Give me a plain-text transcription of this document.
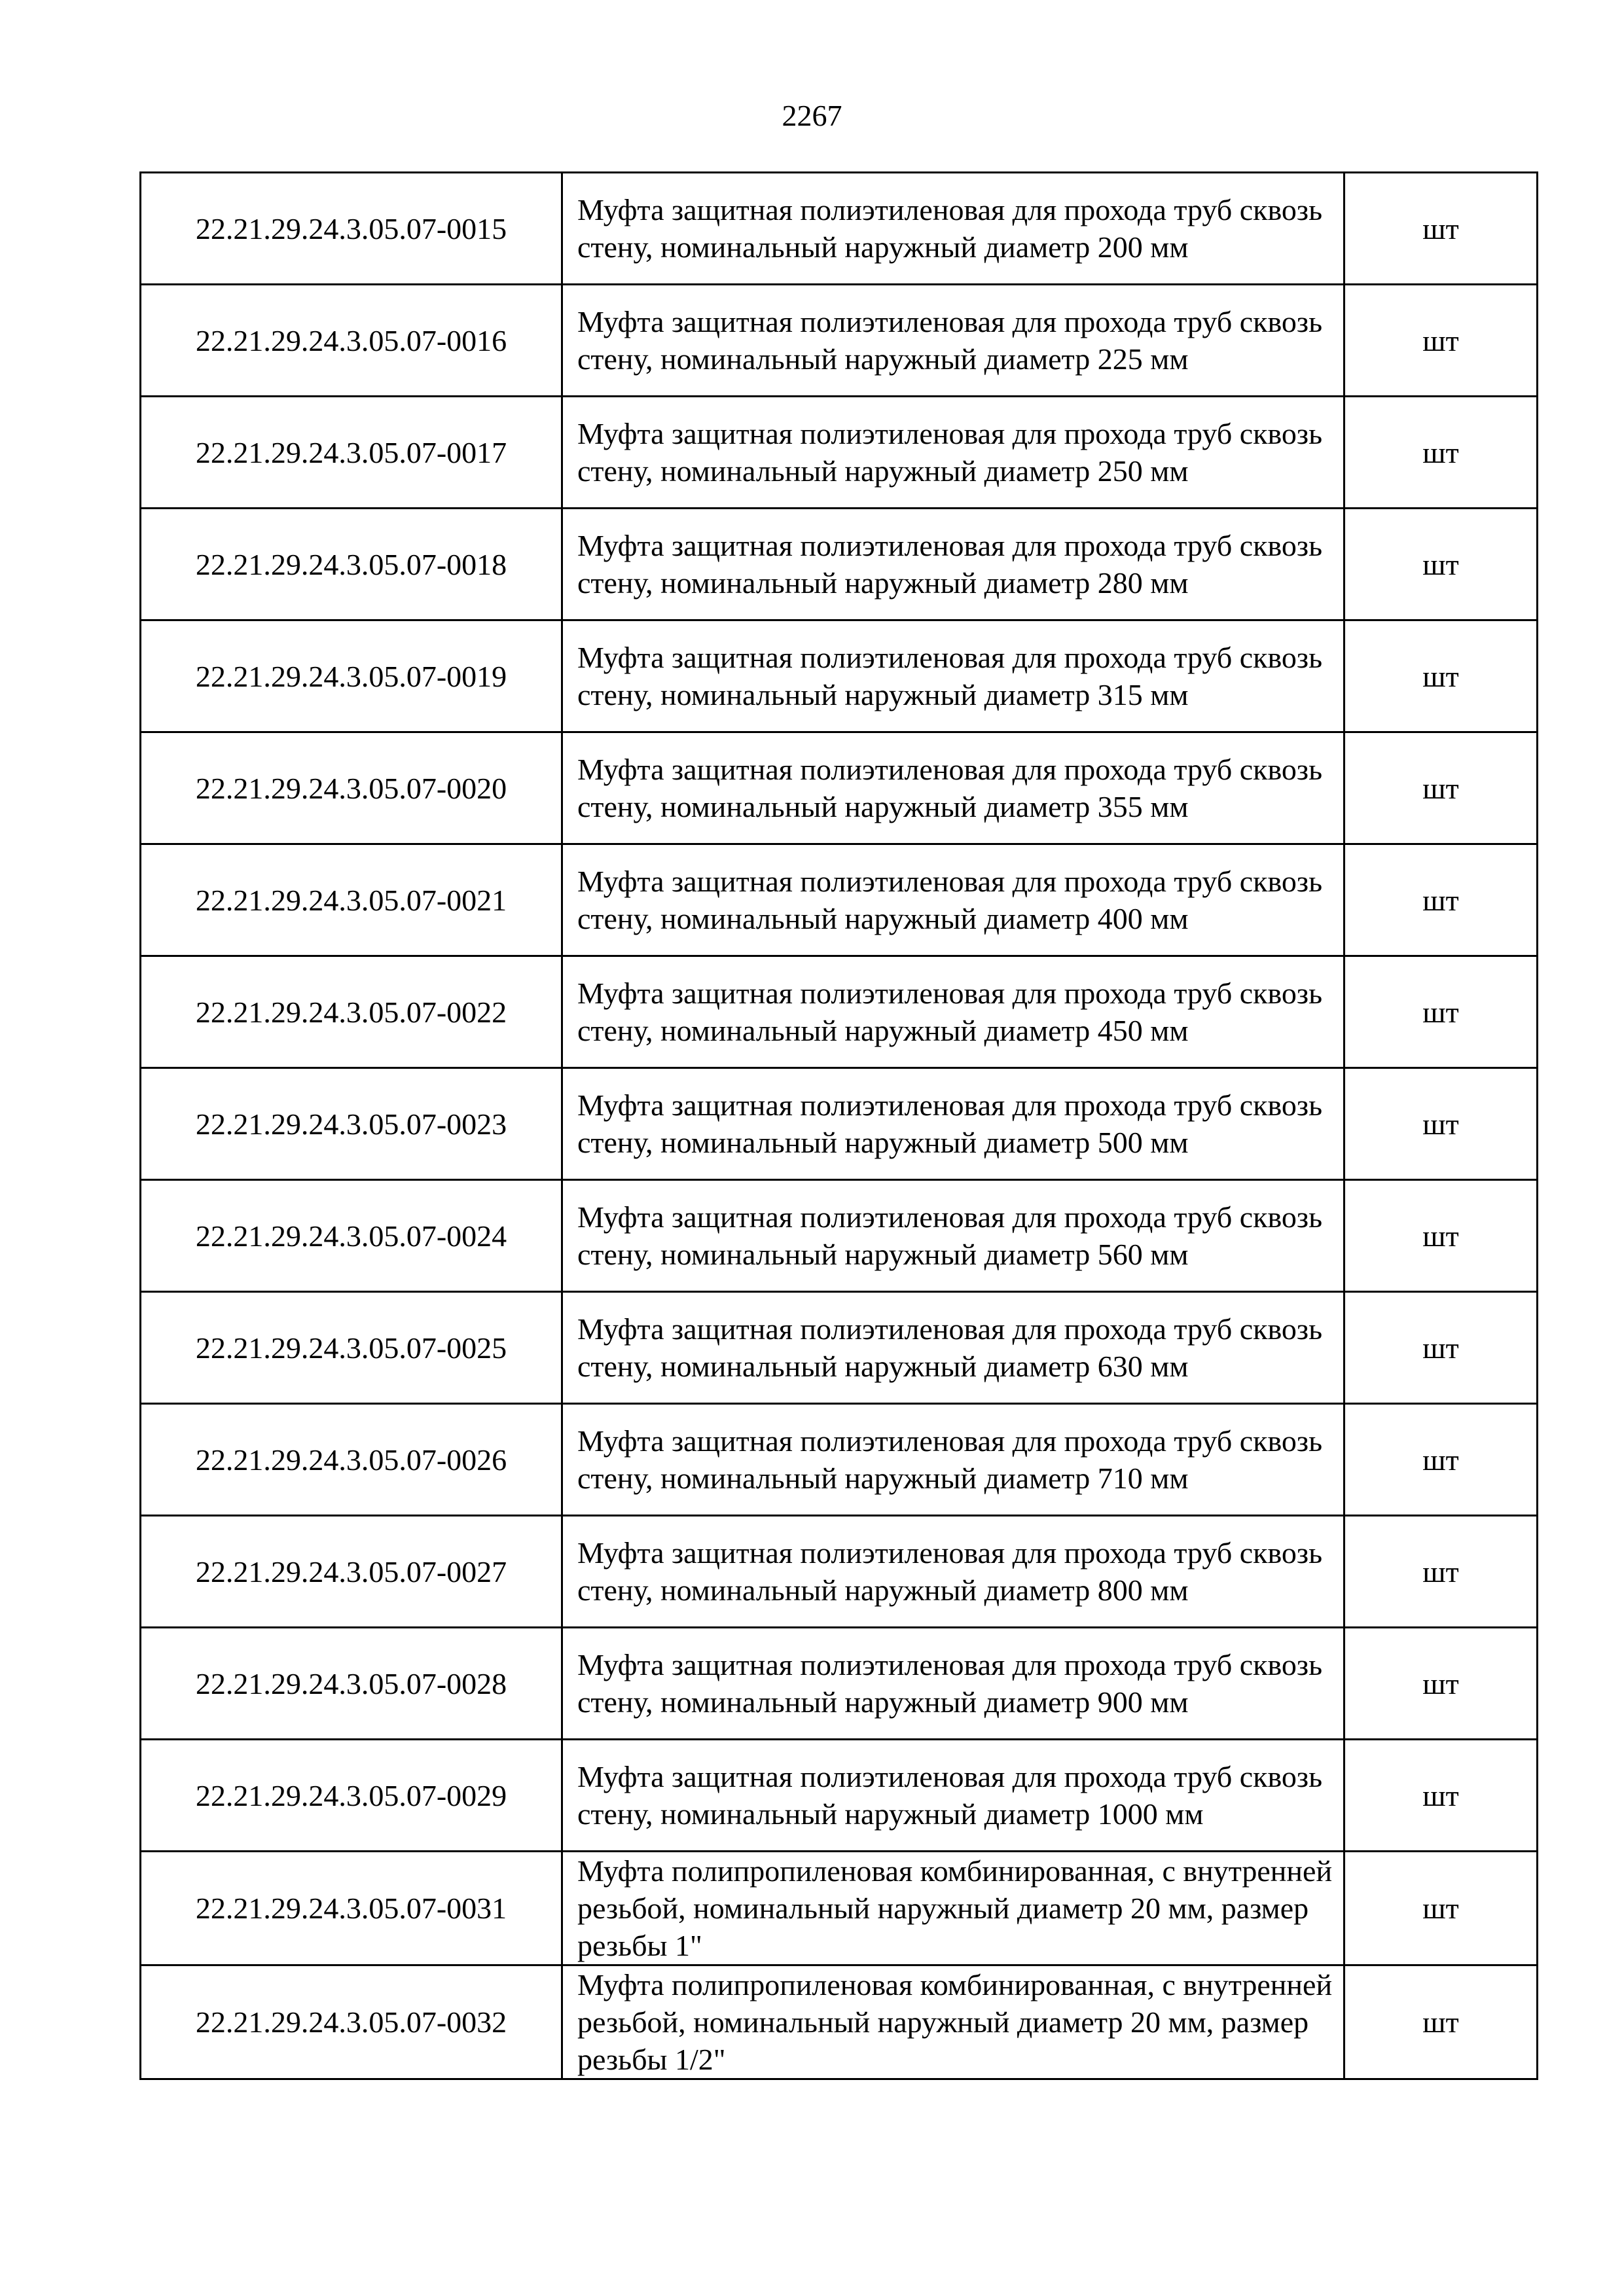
2267
22.21.29.24.3.05.07-0015	Муфта защитная полиэтиленовая для прохода труб сквозь стену, номинальный наружный диаметр 200 мм	шт
22.21.29.24.3.05.07-0016	Муфта защитная полиэтиленовая для прохода труб сквозь стену, номинальный наружный диаметр 225 мм	шт
22.21.29.24.3.05.07-0017	Муфта защитная полиэтиленовая для прохода труб сквозь стену, номинальный наружный диаметр 250 мм	шт
22.21.29.24.3.05.07-0018	Муфта защитная полиэтиленовая для прохода труб сквозь стену, номинальный наружный диаметр 280 мм	шт
22.21.29.24.3.05.07-0019	Муфта защитная полиэтиленовая для прохода труб сквозь стену, номинальный наружный диаметр 315 мм	шт
22.21.29.24.3.05.07-0020	Муфта защитная полиэтиленовая для прохода труб сквозь стену, номинальный наружный диаметр 355 мм	шт
22.21.29.24.3.05.07-0021	Муфта защитная полиэтиленовая для прохода труб сквозь стену, номинальный наружный диаметр 400 мм	шт
22.21.29.24.3.05.07-0022	Муфта защитная полиэтиленовая для прохода труб сквозь стену, номинальный наружный диаметр 450 мм	шт
22.21.29.24.3.05.07-0023	Муфта защитная полиэтиленовая для прохода труб сквозь стену, номинальный наружный диаметр 500 мм	шт
22.21.29.24.3.05.07-0024	Муфта защитная полиэтиленовая для прохода труб сквозь стену, номинальный наружный диаметр 560 мм	шт
22.21.29.24.3.05.07-0025	Муфта защитная полиэтиленовая для прохода труб сквозь стену, номинальный наружный диаметр 630 мм	шт
22.21.29.24.3.05.07-0026	Муфта защитная полиэтиленовая для прохода труб сквозь стену, номинальный наружный диаметр 710 мм	шт
22.21.29.24.3.05.07-0027	Муфта защитная полиэтиленовая для прохода труб сквозь стену, номинальный наружный диаметр 800 мм	шт
22.21.29.24.3.05.07-0028	Муфта защитная полиэтиленовая для прохода труб сквозь стену, номинальный наружный диаметр 900 мм	шт
22.21.29.24.3.05.07-0029	Муфта защитная полиэтиленовая для прохода труб сквозь стену, номинальный наружный диаметр 1000 мм	шт
22.21.29.24.3.05.07-0031	Муфта полипропиленовая комбинированная, с внутренней резьбой, номинальный наружный диаметр 20 мм, размер резьбы 1"	шт
22.21.29.24.3.05.07-0032	Муфта полипропиленовая комбинированная, с внутренней резьбой, номинальный наружный диаметр 20 мм, размер резьбы 1/2"	шт
